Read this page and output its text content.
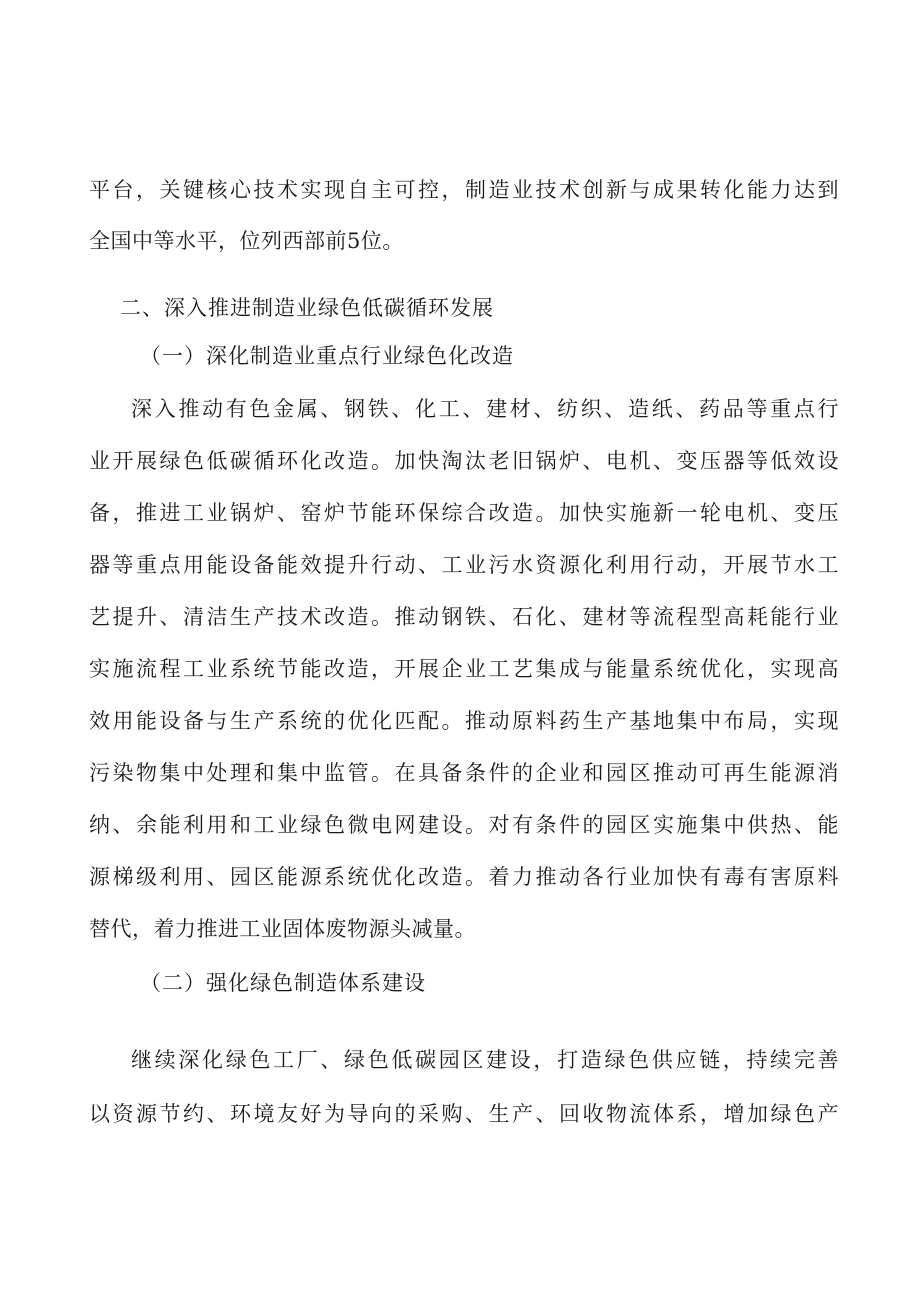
平台，关键核心技术实现自主可控，制造业技术创新与成果转化能力达到
全国中等水平，位列西部前5位。
二、深入推进制造业绿色低碳循环发展
（一）深化制造业重点行业绿色化改造
深入推动有色金属、钢铁、化工、建材、纺织、造纸、药品等重点行
业开展绿色低碳循环化改造。加快淘汰老旧锅炉、电机、变压器等低效设
备，推进工业锅炉、窑炉节能环保综合改造。加快实施新一轮电机、变压
器等重点用能设备能效提升行动、工业污水资源化利用行动，开展节水工
艺提升、清洁生产技术改造。推动钢铁、石化、建材等流程型高耗能行业
实施流程工业系统节能改造，开展企业工艺集成与能量系统优化，实现高
效用能设备与生产系统的优化匹配。推动原料药生产基地集中布局，实现
污染物集中处理和集中监管。在具备条件的企业和园区推动可再生能源消
纳、余能利用和工业绿色微电网建设。对有条件的园区实施集中供热、能
源梯级利用、园区能源系统优化改造。着力推动各行业加快有毒有害原料
替代，着力推进工业固体废物源头减量。
（二）强化绿色制造体系建设
继续深化绿色工厂、绿色低碳园区建设，打造绿色供应链，持续完善
以资源节约、环境友好为导向的采购、生产、回收物流体系，增加绿色产
